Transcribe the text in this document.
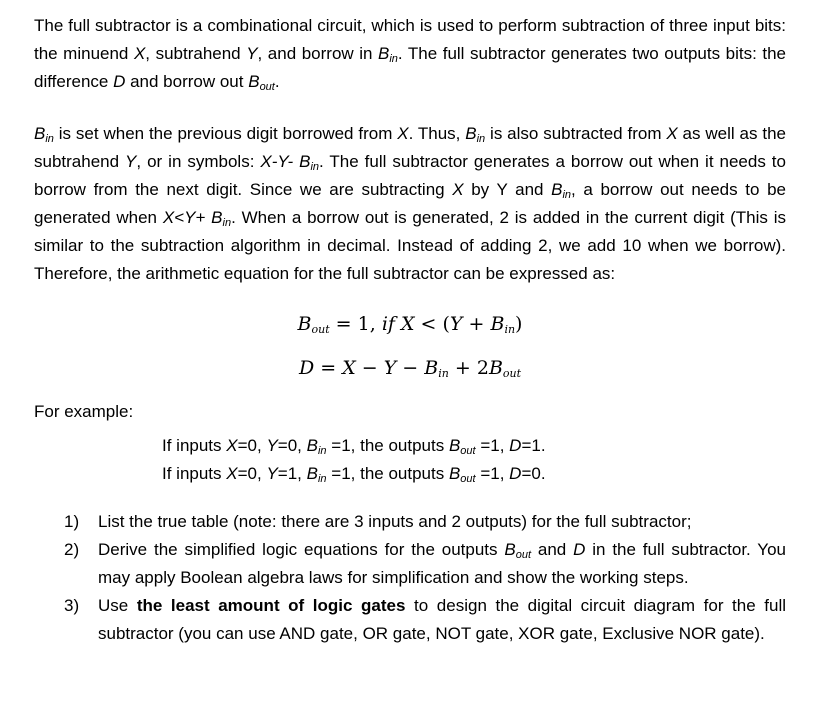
The full subtractor is a combinational circuit, which is used to perform subtraction of three input bits: the minuend X, subtrahend Y, and borrow in $B_{in}$. The full subtractor generates two outputs bits: the difference D and borrow out $B_{out}$.

$B_{in}$ is set when the previous digit borrowed from X. Thus, $B_{in}$ is also subtracted from X as well as the subtrahend Y, or in symbols: X-Y- $B_{in}$. The full subtractor generates a borrow out when it needs to borrow from the next digit. Since we are subtracting X by Y and $B_{in}$, a borrow out needs to be generated when $X<Y+ B_{in}$. When a borrow out is generated, 2 is added in the current digit (This is similar to the subtraction algorithm in decimal. Instead of adding 2, we add 10 when we borrow). Therefore, the arithmetic equation for the full subtractor can be expressed as:

$B_{out} = 1$, if $X < (Y + B_{in})$
$D = X - Y - B_{in} + 2B_{out}$
For example:
If inputs X=0, Y=0, $B_{in} =1$, the outputs $B_{out} =1$, D=1.
If inputs X=0, Y=1, $B_{in} =1$, the outputs $B_{out} =1$, D=0.
1) List the true table (note: there are 3 inputs and 2 outputs) for the full subtractor;
2) Derive the simplified logic equations for the outputs $B_{out}$ and D in the full subtractor. You may apply Boolean algebra laws for simplification and show the working steps.
3) Use the least amount of logic gates to design the digital circuit diagram for the full subtractor (you can use AND gate, OR gate, NOT gate, XOR gate, Exclusive NOR gate).
